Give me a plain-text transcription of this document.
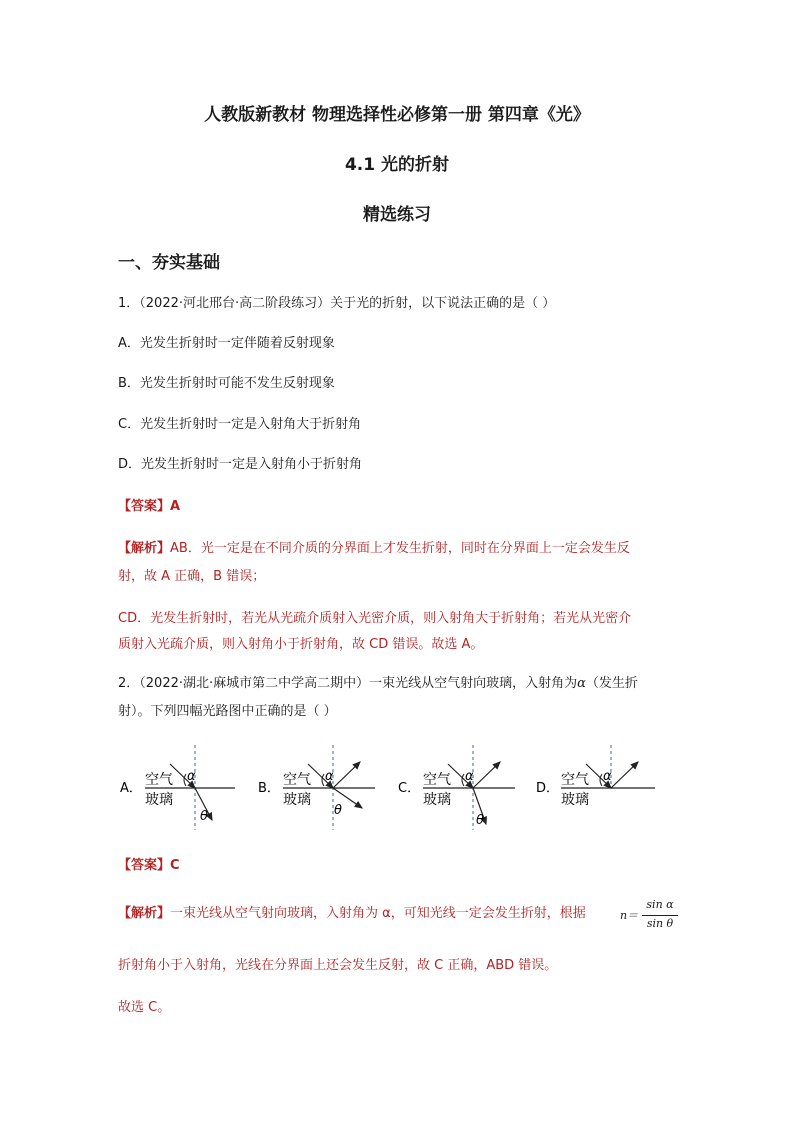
人教版新教材 物理选择性必修第一册 第四章《光》
4.1 光的折射
精选练习
一、夯实基础
1．（2022·河北邢台·高二阶段练习）关于光的折射，以下说法正确的是（ ）
A．光发生折射时一定伴随着反射现象
B．光发生折射时可能不发生反射现象
C．光发生折射时一定是入射角大于折射角
D．光发生折射时一定是入射角小于折射角
【答案】A
【解析】AB．光一定是在不同介质的分界面上才发生折射，同时在分界面上一定会发生反
射，故 A 正确，B 错误；
CD．光发生折射时，若光从光疏介质射入光密介质，则入射角大于折射角；若光从光密介
质射入光疏介质，则入射角小于折射角，故 CD 错误。故选 A。
2．（2022·湖北·麻城市第二中学高二期中）一束光线从空气射向玻璃，入射角为α（发生折
射）。下列四幅光路图中正确的是（ ）
A．
空气
玻璃
α
θ
B．
空气
玻璃
α
θ
C．
空气
玻璃
α
θ
D．
空气
玻璃
α
【答案】C
【解析】一束光线从空气射向玻璃，入射角为 α，可知光线一定会发生折射，根据	n＝
sin α
sin θ
折射角小于入射角，光线在分界面上还会发生反射，故 C 正确，ABD 错误。
故选 C。
